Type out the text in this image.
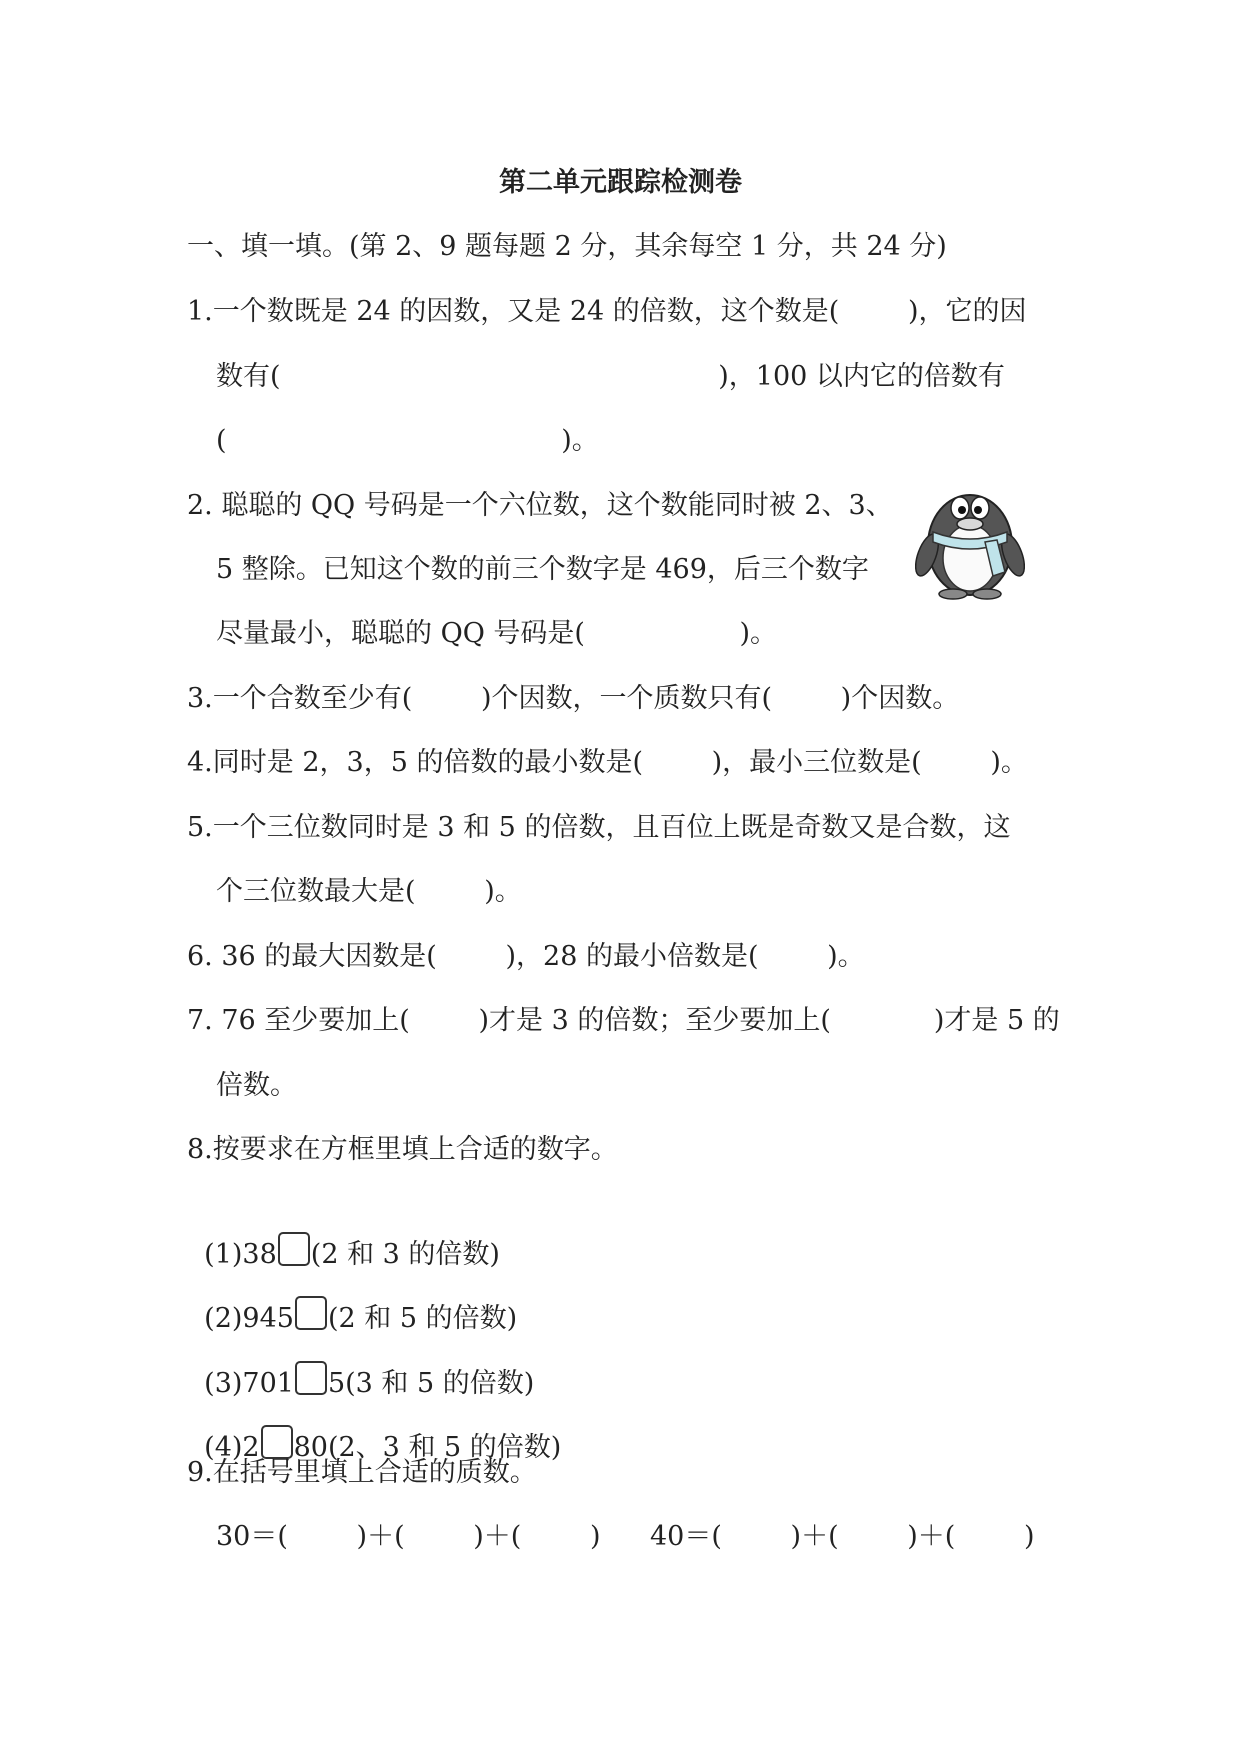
第二单元跟踪检测卷
一、填一填。(第 2、9 题每题 2 分，其余每空 1 分，共 24 分)
1.一个数既是 24 的因数，又是 24 的倍数，这个数是(        )，它的因
数有(                                                   )，100 以内它的倍数有
(                                       )。
2. 聪聪的 QQ 号码是一个六位数，这个数能同时被 2、3、
5 整除。已知这个数的前三个数字是 469，后三个数字
尽量最小，聪聪的 QQ 号码是(                  )。
3.一个合数至少有(        )个因数，一个质数只有(        )个因数。
4.同时是 2，3，5 的倍数的最小数是(        )，最小三位数是(        )。
5.一个三位数同时是 3 和 5 的倍数，且百位上既是奇数又是合数，这
个三位数最大是(        )。
6. 36 的最大因数是(        )，28 的最小倍数是(        )。
7. 76 至少要加上(        )才是 3 的倍数；至少要加上(            )才是 5 的
倍数。
8.按要求在方框里填上合适的数字。

(1)38 (2 和 3 的倍数)

(2)945 (2 和 5 的倍数)

(3)701 5(3 和 5 的倍数)

(4)2 80(2、3 和 5 的倍数)

9.在括号里填上合适的质数。
30＝(        )＋(        )＋(        ) 40＝(        )＋(        )＋(        )
